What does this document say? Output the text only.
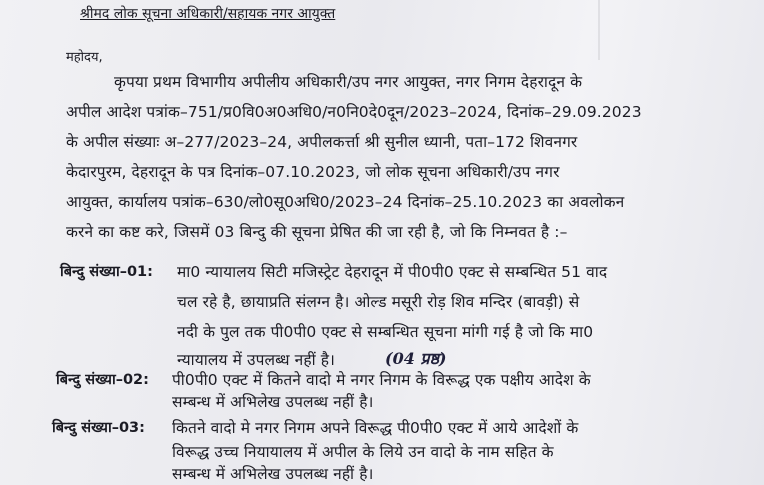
श्रीमद लोक सूचना अधिकारी/सहायक नगर आयुक्त
महोदय,
कृपया प्रथम विभागीय अपीलीय अधिकारी/उप नगर आयुक्त, नगर निगम देहरादून के
अपील आदेश पत्रांक–751/प्र0वि0अ0अधि0/न0नि0दे0दून/2023–2024, दिनांक–29.09.2023
के अपील संख्याः अ–277/2023–24, अपीलकर्त्ता श्री सुनील ध्यानी, पता–172 शिवनगर
केदारपुरम, देहरादून के पत्र दिनांक–07.10.2023, जो लोक सूचना अधिकारी/उप नगर
आयुक्त, कार्यालय पत्रांक–630/लो0सू0अधि0/2023–24 दिनांक–25.10.2023 का अवलोकन
करने का कष्ट करे, जिसमें 03 बिन्दु की सूचना प्रेषित की जा रही है, जो कि निम्नवत है :–
बिन्दु संख्या–01: मा0 न्यायालय सिटी मजिस्ट्रेट देहरादून में पी0पी0 एक्ट से सम्बन्धित 51 वाद
चल रहे है, छायाप्रति संलग्न है। ओल्ड मसूरी रोड़ शिव मन्दिर (बावड़ी) से
नदी के पुल तक पी0पी0 एक्ट से सम्बन्धित सूचना मांगी गई है जो कि मा0
न्यायालय में उपलब्ध नहीं है।	(04 प्रष्ठ)
बिन्दु संख्या–02: पी0पी0 एक्ट में कितने वादो मे नगर निगम के विरूद्ध एक पक्षीय आदेश के
सम्बन्ध में अभिलेख उपलब्ध नहीं है।
बिन्दु संख्या–03: कितने वादो मे नगर निगम अपने विरूद्ध पी0पी0 एक्ट में आये आदेशों के
विरूद्ध उच्च नियायालय में अपील के लिये उन वादो के नाम सहित के
सम्बन्ध में अभिलेख उपलब्ध नहीं है।
